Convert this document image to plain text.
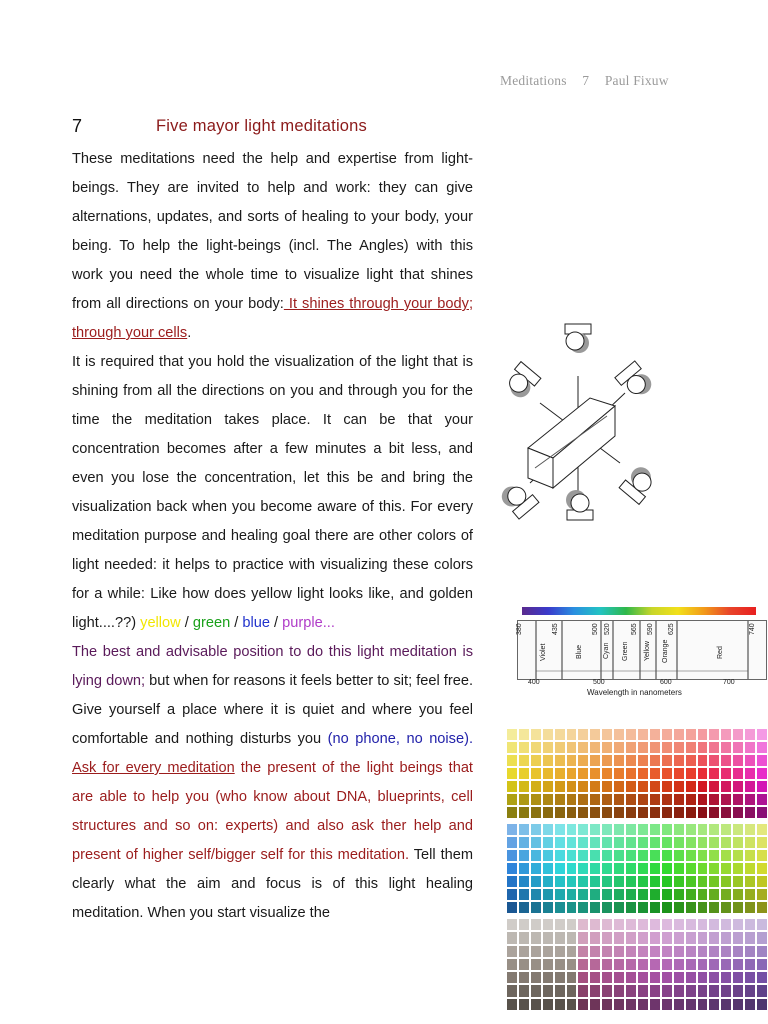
Meditations 7 Paul Fixuw
7	Five mayor light meditations

These meditations need the help and expertise from light-beings. They are invited to help and work: they can give alternations, updates, and sorts of healing to your body, your being. To help the light-beings (incl. The Angles) with this work you need the whole time to visualize light that shines from all directions on your body: It shines through your body; through your cells.

It is required that you hold the visualization of the light that is shining from all the directions on you and through you for the time the meditation takes place. It can be that your concentration becomes after a few minutes a bit less, and even you lose the concentration, let this be and bring the visualization back when you become aware of this. For every meditation purpose and healing goal there are other colors of light needed: it helps to practice with visualizing these colors for a while: Like how does yellow light looks like, and golden light....??) yellow / green / blue / purple...

The best and advisable position to do this light meditation is lying down; but when for reasons it feels better to sit; feel free. Give yourself a place where it is quiet and where you feel comfortable and nothing disturbs you (no phone, no noise). Ask for every meditation the present of the light beings that are able to help you (who know about DNA, blueprints, cell structures and so on: experts) and also ask ther help and present of higher self/bigger self for this meditation. Tell them clearly what the aim and focus is of this light healing meditation. When you start visualize the

Violet	Blue	Cyan Green Yellow Orange	Red
380	435	500 520	565 590 625	740
400	500	600	700
Wavelength in nanometers
